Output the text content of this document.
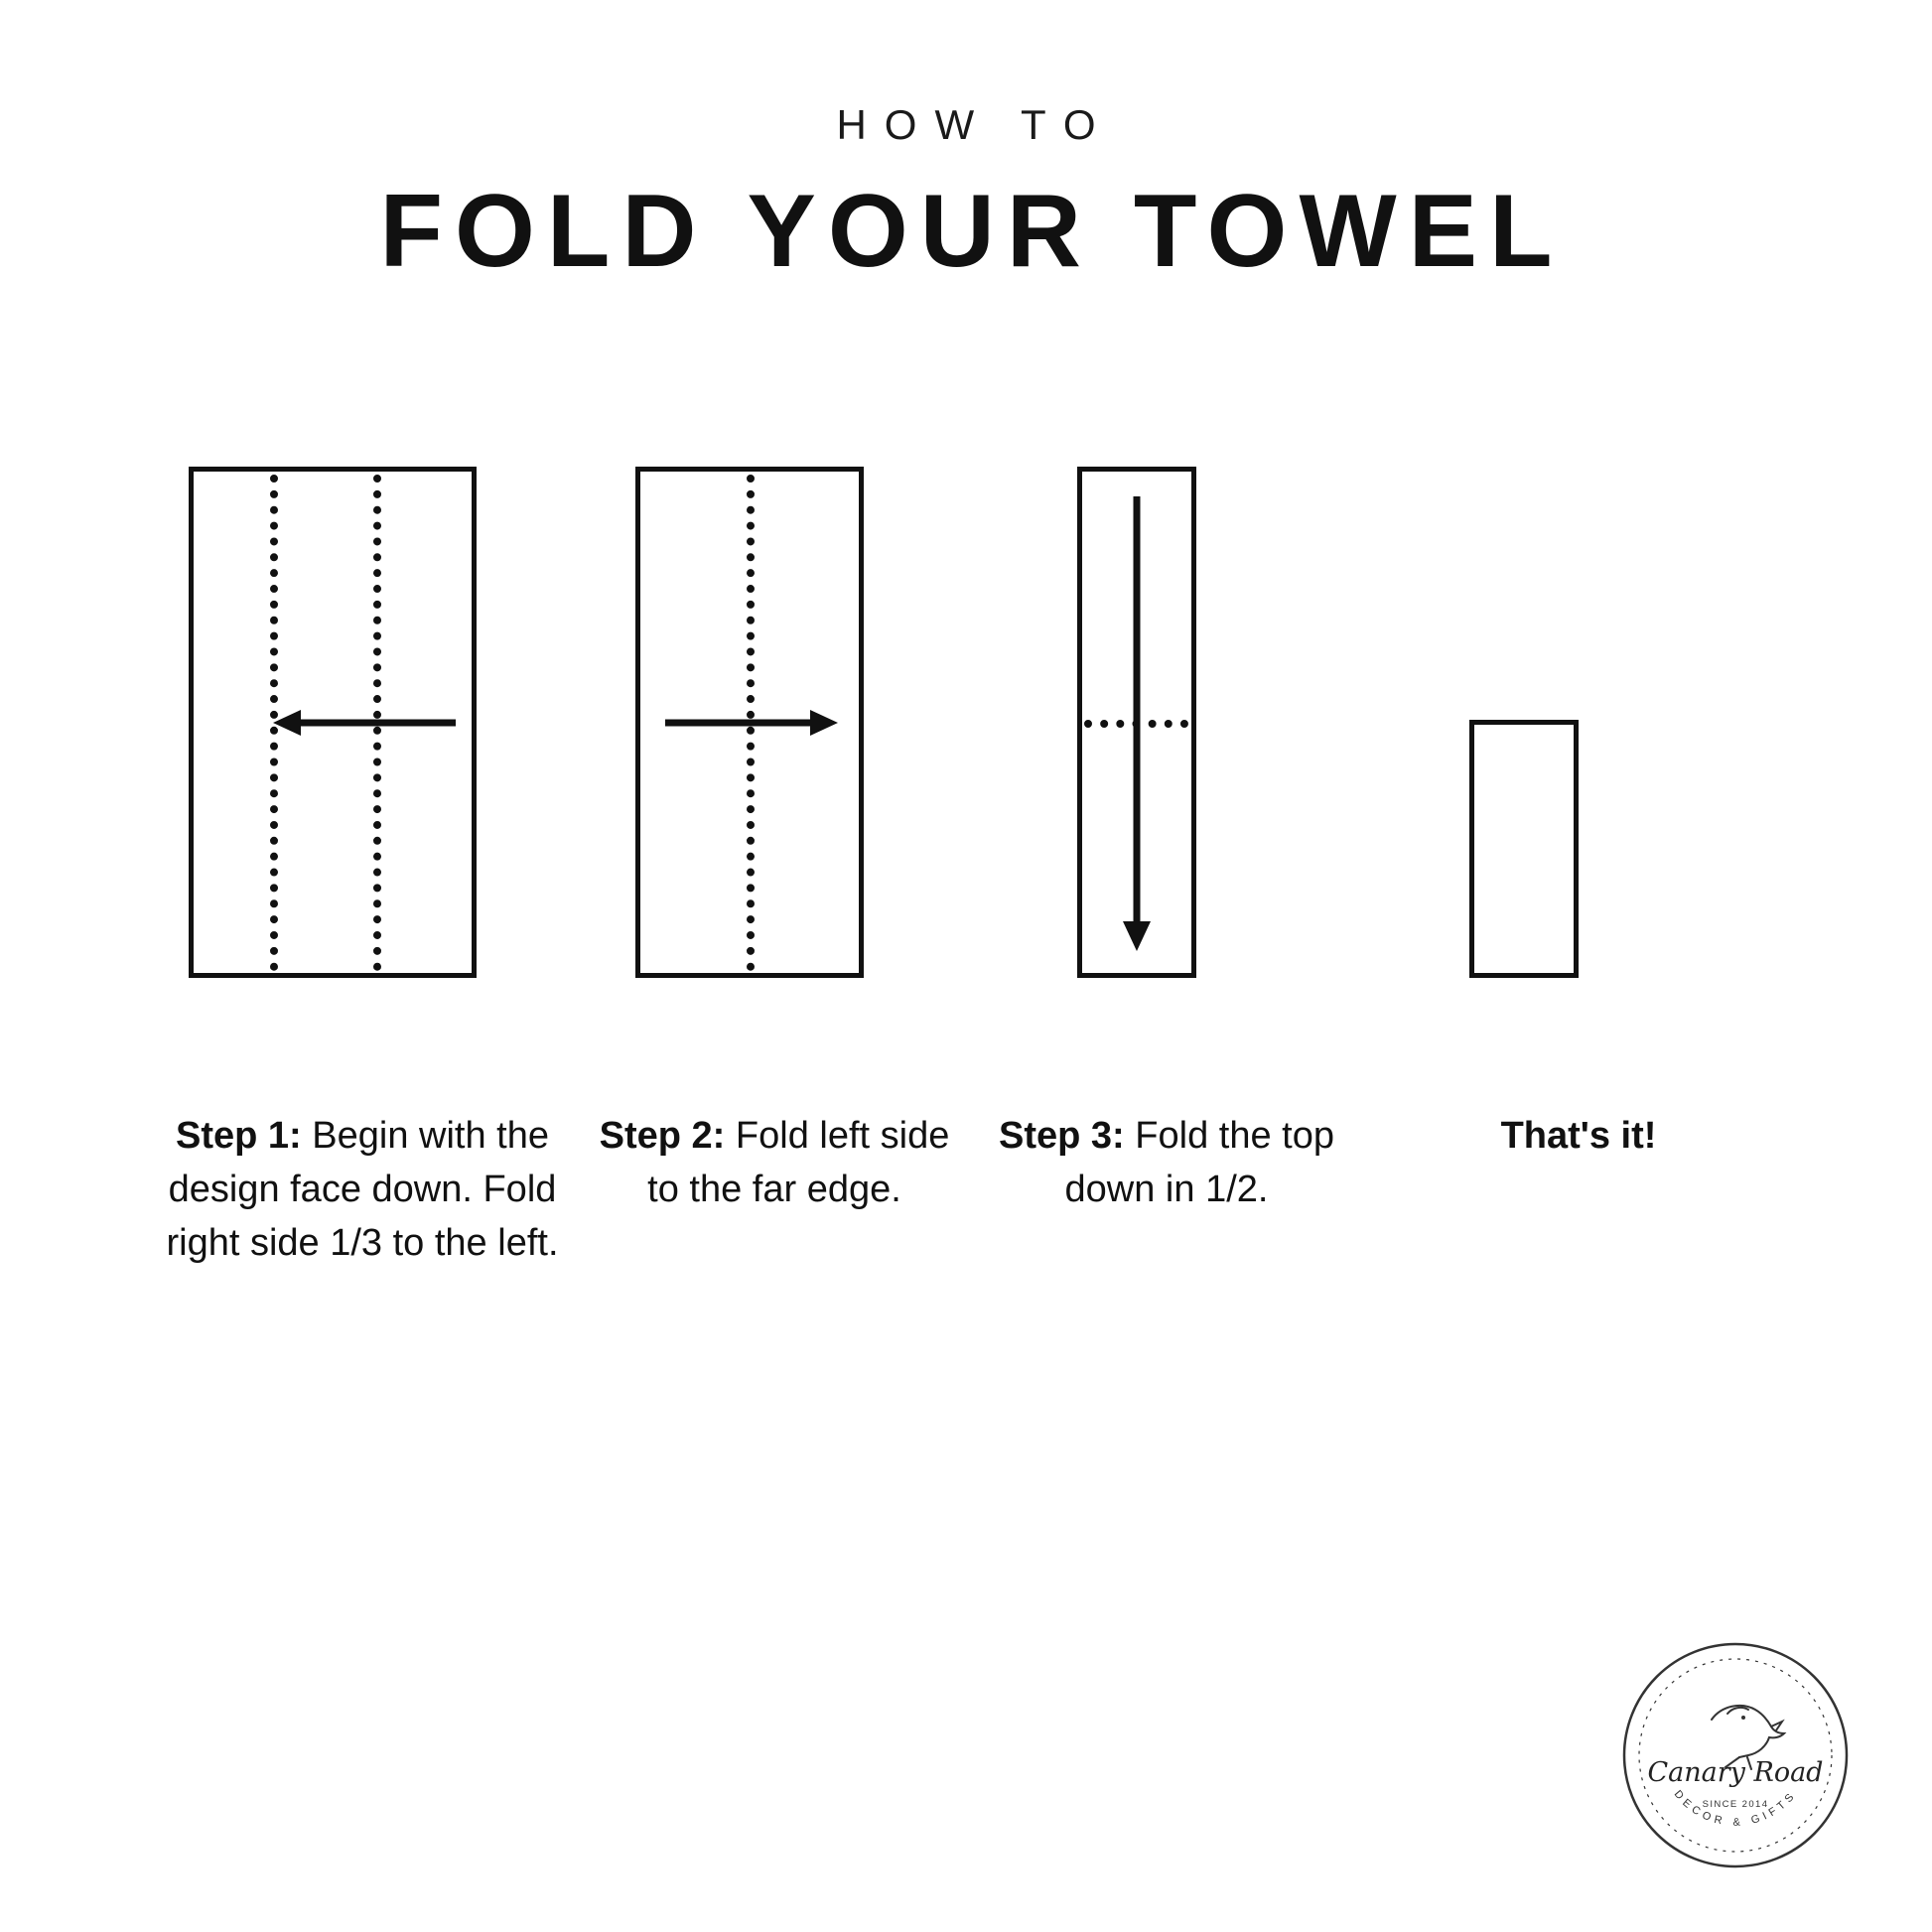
HOW TO
FOLD YOUR TOWEL
Step 1: Begin with the design face down. Fold right side 1/3 to the left.
Step 2: Fold left side to the far edge.
Step 3: Fold the top down in 1/2.
That's it!
Canary Road
SINCE 2014
DECOR & GIFTS
